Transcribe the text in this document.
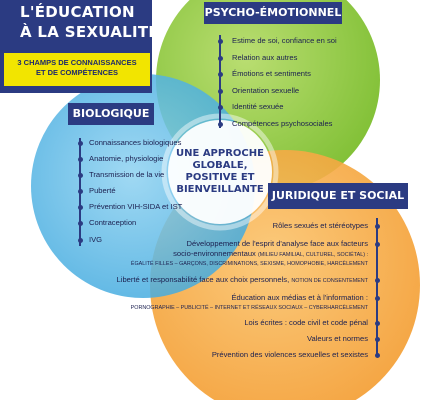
L'ÉDUCATION
À LA SEXUALITÉ
3 CHAMPS DE CONNAISSANCES
ET DE COMPÉTENCES
PSYCHO-ÉMOTIONNEL
Estime de soi, confiance en soi
Relation aux autres
Émotions et sentiments
Orientation sexuelle
Identité sexuée
Compétences psychosociales
BIOLOGIQUE
Connaissances biologiques
Anatomie, physiologie
Transmission de la vie
Puberté
Prévention VIH-SIDA et IST
Contraception
IVG
UNE APPROCHE
GLOBALE,
POSITIVE ET
BIENVEILLANTE JURIDIQUE ET SOCIAL
Rôles sexués et stéréotypes
Développement de l'esprit d'analyse face aux facteurs
socio-environnementaux (MILIEU FAMILIAL, CULTUREL, SOCIÉTAL) :
ÉGALITÉ FILLES – GARÇONS, DISCRIMINATIONS, SEXISME, HOMOPHOBIE, HARCÈLEMENT
Liberté et responsabilité face aux choix personnels, NOTION DE CONSENTEMENT
Éducation aux médias et à l'information :
PORNOGRAPHIE – PUBLICITÉ – INTERNET ET RÉSEAUX SOCIAUX – CYBERHARCÈLEMENT
Lois écrites : code civil et code pénal
Valeurs et normes
Prévention des violences sexuelles et sexistes
